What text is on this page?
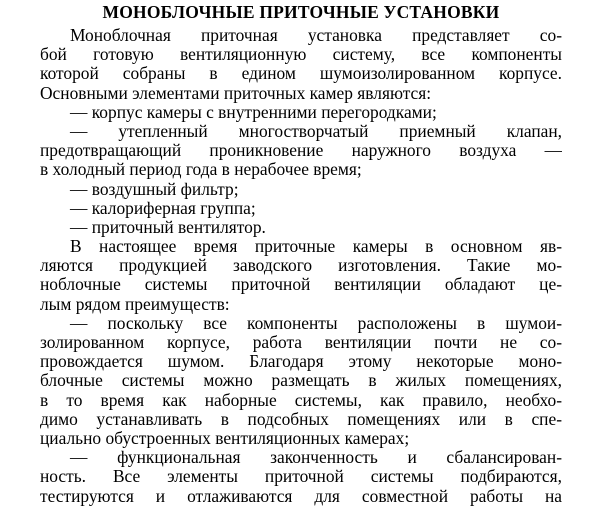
МОНОБЛОЧНЫЕ ПРИТОЧНЫЕ УСТАНОВКИ
Моноблочная приточная установка представляет со-
бой готовую вентиляционную систему, все компоненты
которой собраны в едином шумоизолированном корпусе.
Основными элементами приточных камер являются:
— корпус камеры с внутренними перегородками;
— утепленный многостворчатый приемный клапан,
предотвращающий проникновение наружного воздуха —
в холодный период года в нерабочее время;
— воздушный фильтр;
— калориферная группа;
— приточный вентилятор.
В настоящее время приточные камеры в основном яв-
ляются продукцией заводского изготовления. Такие мо-
ноблочные системы приточной вентиляции обладают це-
лым рядом преимуществ:
— поскольку все компоненты расположены в шумои-
золированном корпусе, работа вентиляции почти не со-
провождается шумом. Благодаря этому некоторые моно-
блочные системы можно размещать в жилых помещениях,
в то время как наборные системы, как правило, необхо-
димо устанавливать в подсобных помещениях или в спе-
циально обустроенных вентиляционных камерах;
— функциональная законченность и сбалансирован-
ность. Все элементы приточной системы подбираются,
тестируются и отлаживаются для совместной работы на
